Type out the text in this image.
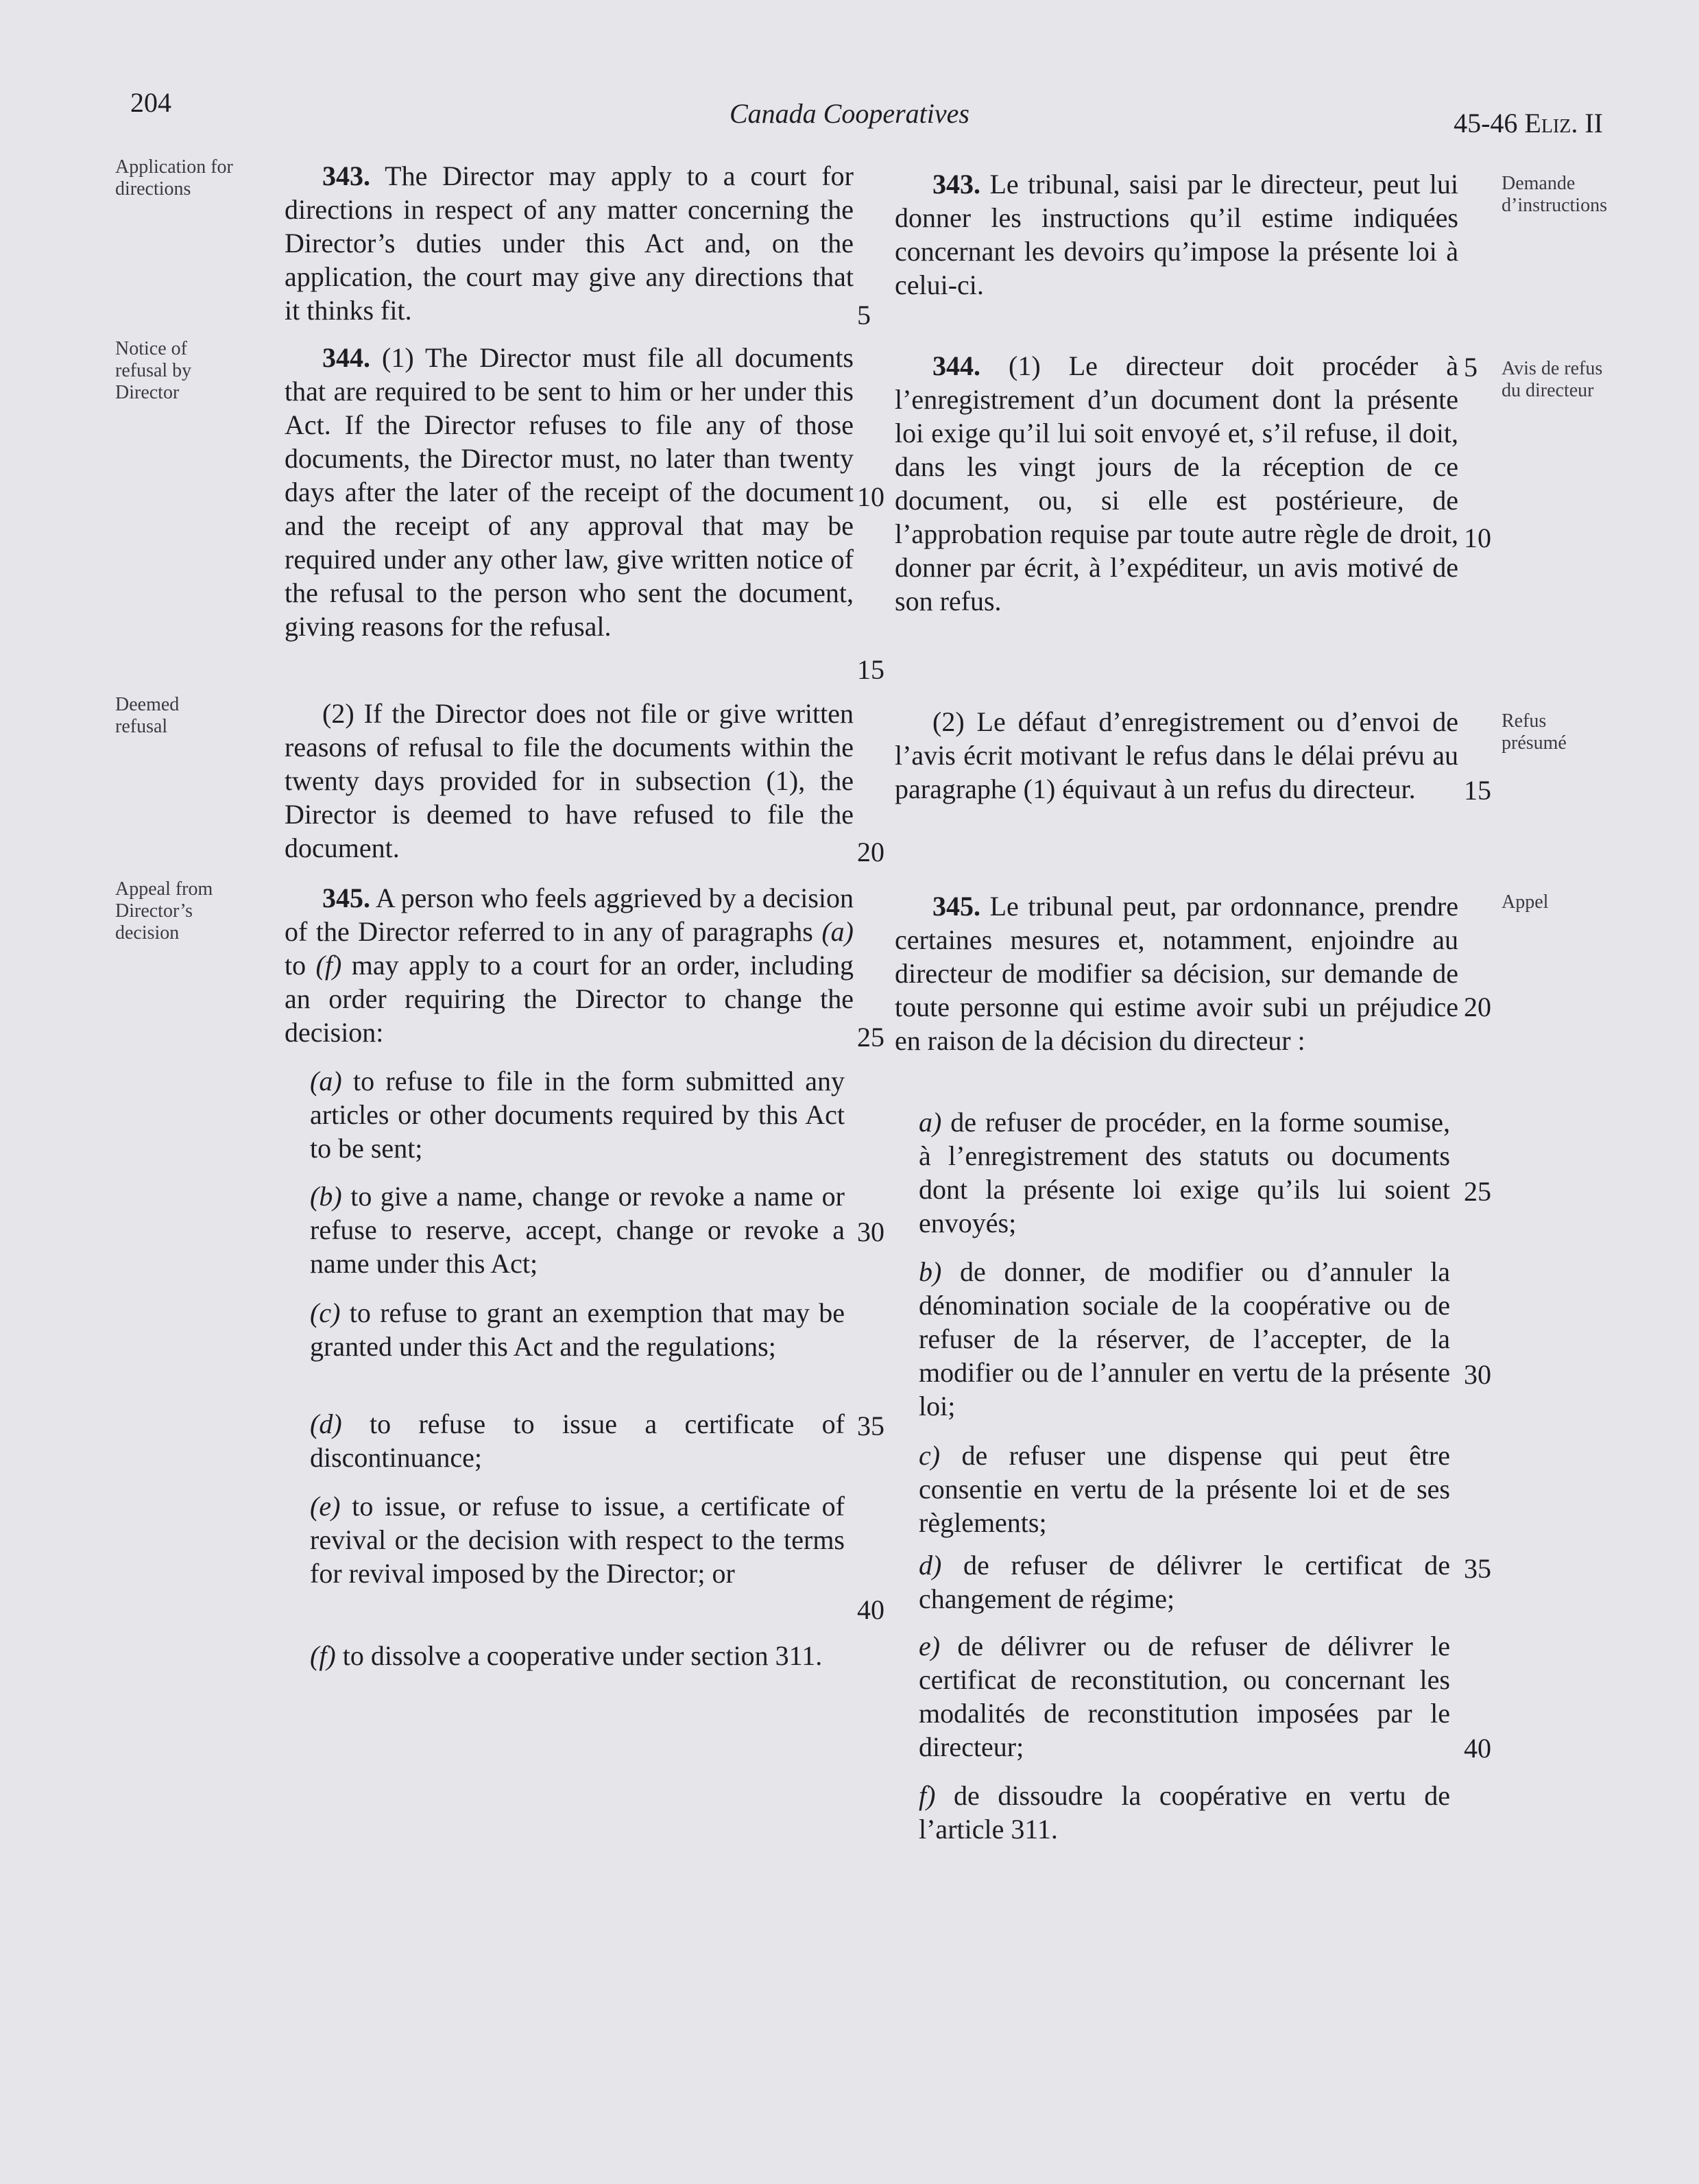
204	Canada Cooperatives	45-46 Eliz. II
Application for directions
Notice of refusal by Director
Deemed refusal
Appeal from Director’s decision
Demande d’instructions
Avis de refus du directeur
Refus présumé
Appel

343. The Director may apply to a court for directions in respect of any matter concerning the Director’s duties under this Act and, on the application, the court may give any directions that it thinks fit.

344. (1) The Director must file all documents that are required to be sent to him or her under this Act. If the Director refuses to file any of those documents, the Director must, no later than twenty days after the later of the receipt of the document and the receipt of any approval that may be required under any other law, give written notice of the refusal to the person who sent the document, giving reasons for the refusal.

(2) If the Director does not file or give written reasons of refusal to file the documents within the twenty days provided for in subsection (1), the Director is deemed to have refused to file the document.

345. A person who feels aggrieved by a decision of the Director referred to in any of paragraphs (a) to (f) may apply to a court for an order, including an order requiring the Director to change the decision:

(a) to refuse to file in the form submitted any articles or other documents required by this Act to be sent;

(b) to give a name, change or revoke a name or refuse to reserve, accept, change or revoke a name under this Act;

(c) to refuse to grant an exemption that may be granted under this Act and the regulations;

(d) to refuse to issue a certificate of discontinuance;

(e) to issue, or refuse to issue, a certificate of revival or the decision with respect to the terms for revival imposed by the Director; or

(f) to dissolve a cooperative under section 311.

343. Le tribunal, saisi par le directeur, peut lui donner les instructions qu’il estime indiquées concernant les devoirs qu’impose la présente loi à celui-ci.

344. (1) Le directeur doit procéder à l’enregistrement d’un document dont la présente loi exige qu’il lui soit envoyé et, s’il refuse, il doit, dans les vingt jours de la réception de ce document, ou, si elle est postérieure, de l’approbation requise par toute autre règle de droit, donner par écrit, à l’expéditeur, un avis motivé de son refus.

(2) Le défaut d’enregistrement ou d’envoi de l’avis écrit motivant le refus dans le délai prévu au paragraphe (1) équivaut à un refus du directeur.

345. Le tribunal peut, par ordonnance, prendre certaines mesures et, notamment, enjoindre au directeur de modifier sa décision, sur demande de toute personne qui estime avoir subi un préjudice en raison de la décision du directeur :

a) de refuser de procéder, en la forme soumise, à l’enregistrement des statuts ou documents dont la présente loi exige qu’ils lui soient envoyés;

b) de donner, de modifier ou d’annuler la dénomination sociale de la coopérative ou de refuser de la réserver, de l’accepter, de la modifier ou de l’annuler en vertu de la présente loi;

c) de refuser une dispense qui peut être consentie en vertu de la présente loi et de ses règlements;

d) de refuser de délivrer le certificat de changement de régime;

e) de délivrer ou de refuser de délivrer le certificat de reconstitution, ou concernant les modalités de reconstitution imposées par le directeur;

f) de dissoudre la coopérative en vertu de l’article 311.

5
10
15
20
25
30
35
40
5
10
15
20
25
30
35
40
